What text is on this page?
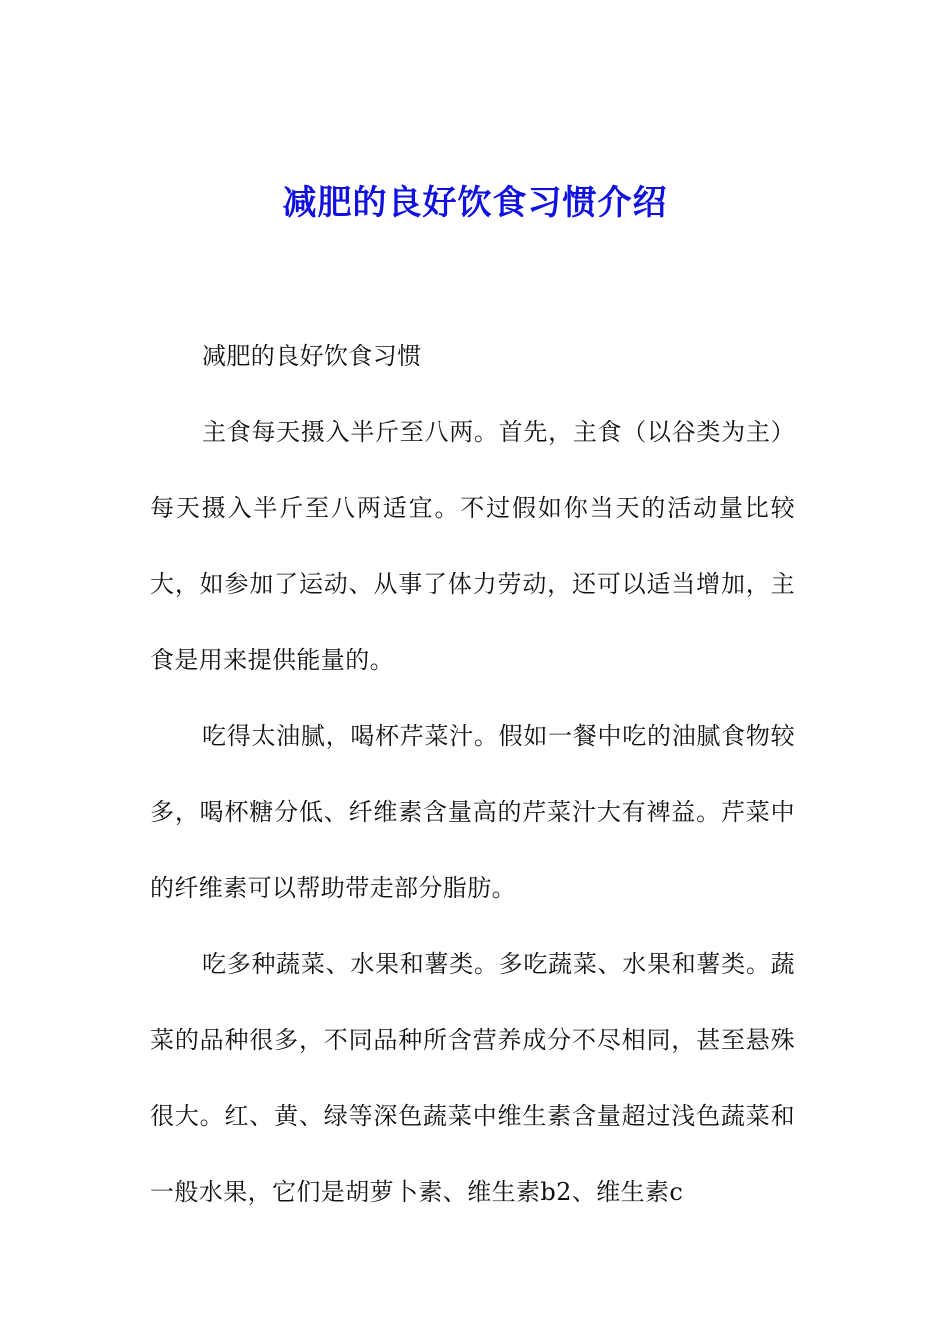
减肥的良好饮食习惯介绍

减肥的良好饮食习惯

主食每天摄入半斤至八两。首先，主食（以谷类为主）每天摄入半斤至八两适宜。不过假如你当天的活动量比较大，如参加了运动、从事了体力劳动，还可以适当增加，主食是用来提供能量的。

吃得太油腻，喝杯芹菜汁。假如一餐中吃的油腻食物较多，喝杯糖分低、纤维素含量高的芹菜汁大有裨益。芹菜中的纤维素可以帮助带走部分脂肪。

吃多种蔬菜、水果和薯类。多吃蔬菜、水果和薯类。蔬菜的品种很多，不同品种所含营养成分不尽相同，甚至悬殊很大。红、黄、绿等深色蔬菜中维生素含量超过浅色蔬菜和一般水果，它们是胡萝卜素、维生素b2、维生素c
